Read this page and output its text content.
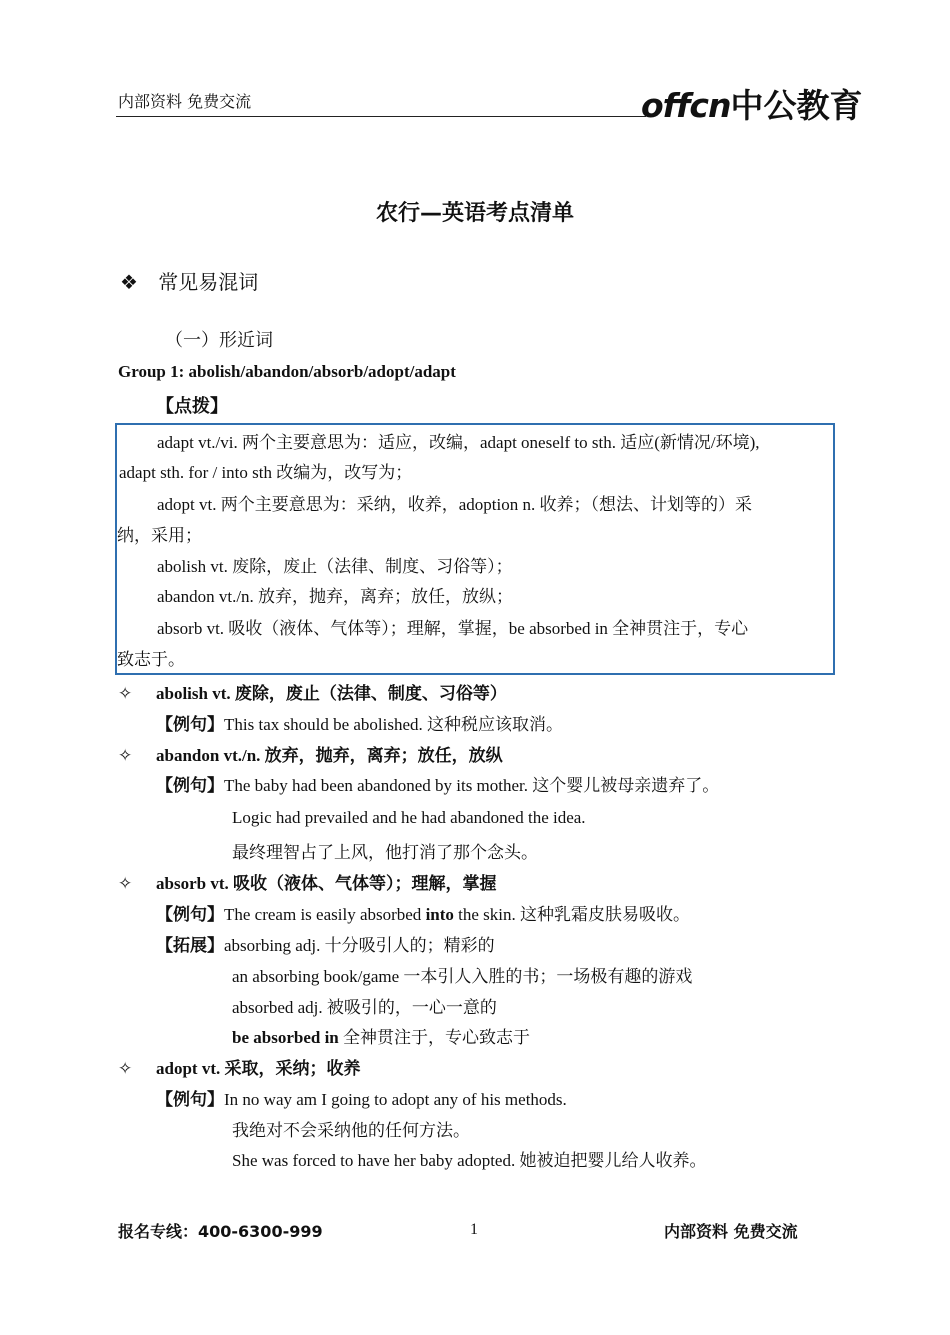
内部资料 免费交流	offcn中公教育
农行—英语考点清单
❖ 常见易混词
（一）形近词
Group 1: abolish/abandon/absorb/adopt/adapt
【点拨】
adapt vt./vi. 两个主要意思为：适应，改编，adapt oneself to sth. 适应(新情况/环境),
adapt sth. for / into sth 改编为，改写为；
adopt vt. 两个主要意思为：采纳，收养，adoption n. 收养；（想法、计划等的）采
纳，采用；
abolish vt. 废除，废止（法律、制度、习俗等）；
abandon vt./n. 放弃，抛弃，离弃；放任，放纵；
absorb vt. 吸收（液体、气体等）；理解，掌握，be absorbed in 全神贯注于，专心
致志于。
✧ abolish vt. 废除，废止（法律、制度、习俗等）
【例句】This tax should be abolished. 这种税应该取消。
✧ abandon vt./n. 放弃，抛弃，离弃；放任，放纵
【例句】The baby had been abandoned by its mother. 这个婴儿被母亲遗弃了。
Logic had prevailed and he had abandoned the idea.
最终理智占了上风，他打消了那个念头。
✧ absorb vt. 吸收（液体、气体等）；理解，掌握
【例句】The cream is easily absorbed into the skin. 这种乳霜皮肤易吸收。
【拓展】absorbing adj. 十分吸引人的；精彩的
an absorbing book/game 一本引人入胜的书；一场极有趣的游戏
absorbed adj. 被吸引的，一心一意的
be absorbed in 全神贯注于，专心致志于
✧ adopt vt. 采取，采纳；收养
【例句】In no way am I going to adopt any of his methods.
我绝对不会采纳他的任何方法。
She was forced to have her baby adopted. 她被迫把婴儿给人收养。
报名专线：400-6300-999	1	内部资料 免费交流
